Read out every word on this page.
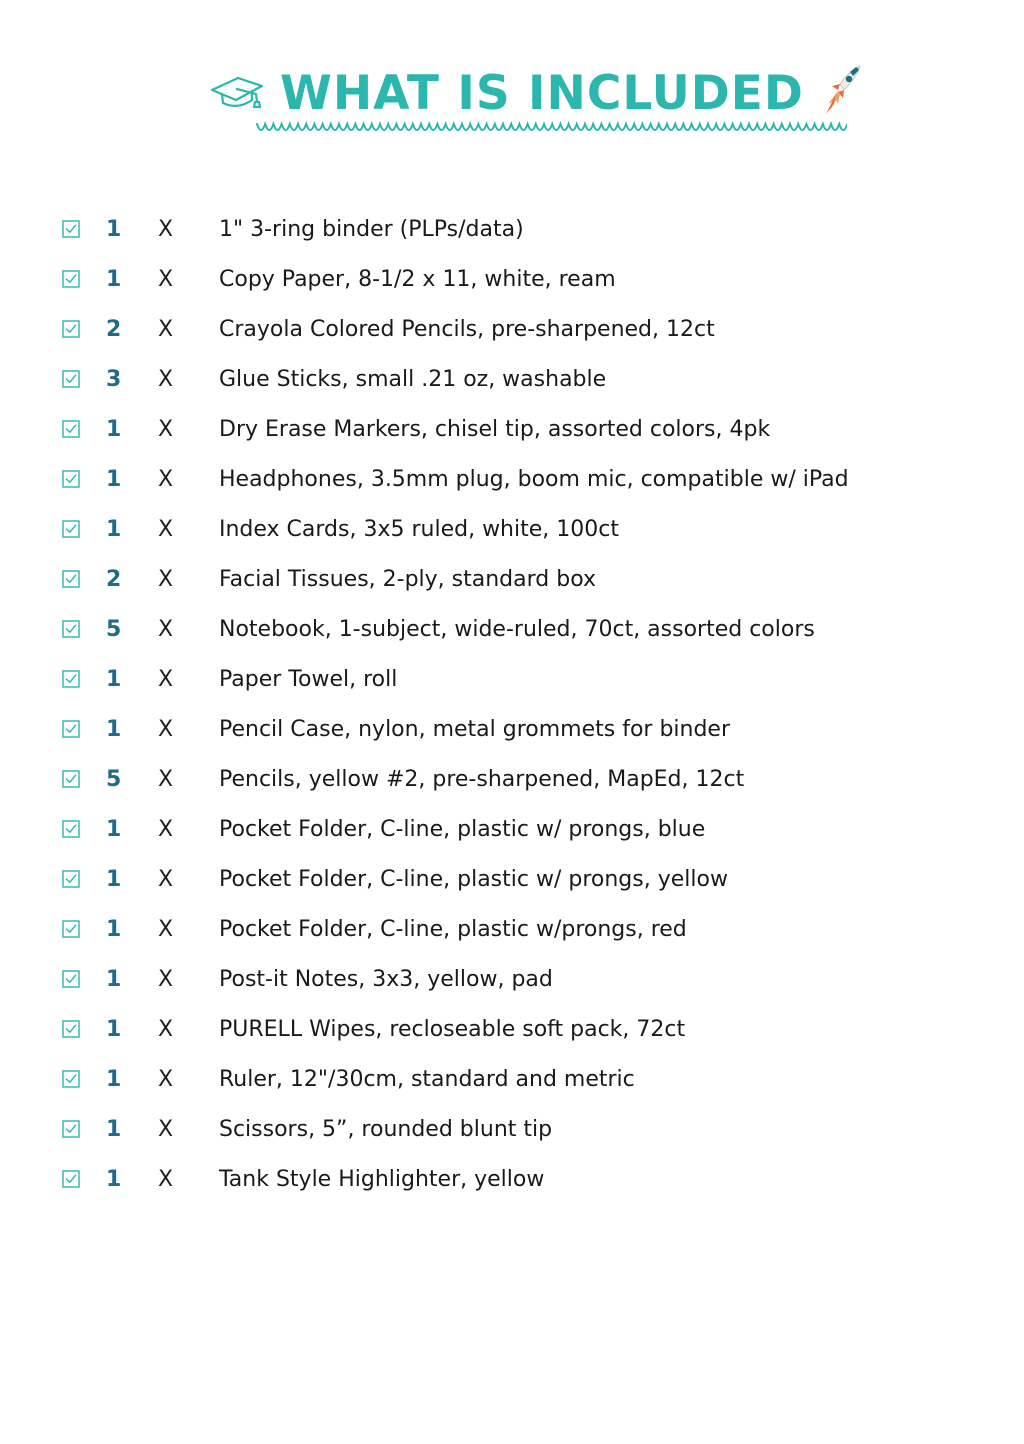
WHAT IS INCLUDED
1	X 1" 3-ring binder (PLPs/data)
1	X Copy Paper, 8-1/2 x 11, white, ream
2	X Crayola Colored Pencils, pre-sharpened, 12ct
3	X Glue Sticks, small .21 oz, washable
1	X Dry Erase Markers, chisel tip, assorted colors, 4pk
1	X Headphones, 3.5mm plug, boom mic, compatible w/ iPad
1	X Index Cards, 3x5 ruled, white, 100ct
2	X Facial Tissues, 2-ply, standard box
5	X Notebook, 1-subject, wide-ruled, 70ct, assorted colors
1	X Paper Towel, roll
1	X Pencil Case, nylon, metal grommets for binder
5	X Pencils, yellow #2, pre-sharpened, MapEd, 12ct
1	X Pocket Folder, C-line, plastic w/ prongs, blue
1	X Pocket Folder, C-line, plastic w/ prongs, yellow
1	X Pocket Folder, C-line, plastic w/prongs, red
1	X Post-it Notes, 3x3, yellow, pad
1	X PURELL Wipes, recloseable soft pack, 72ct
1	X Ruler, 12"/30cm, standard and metric
1	X Scissors, 5”, rounded blunt tip
1	X Tank Style Highlighter, yellow
